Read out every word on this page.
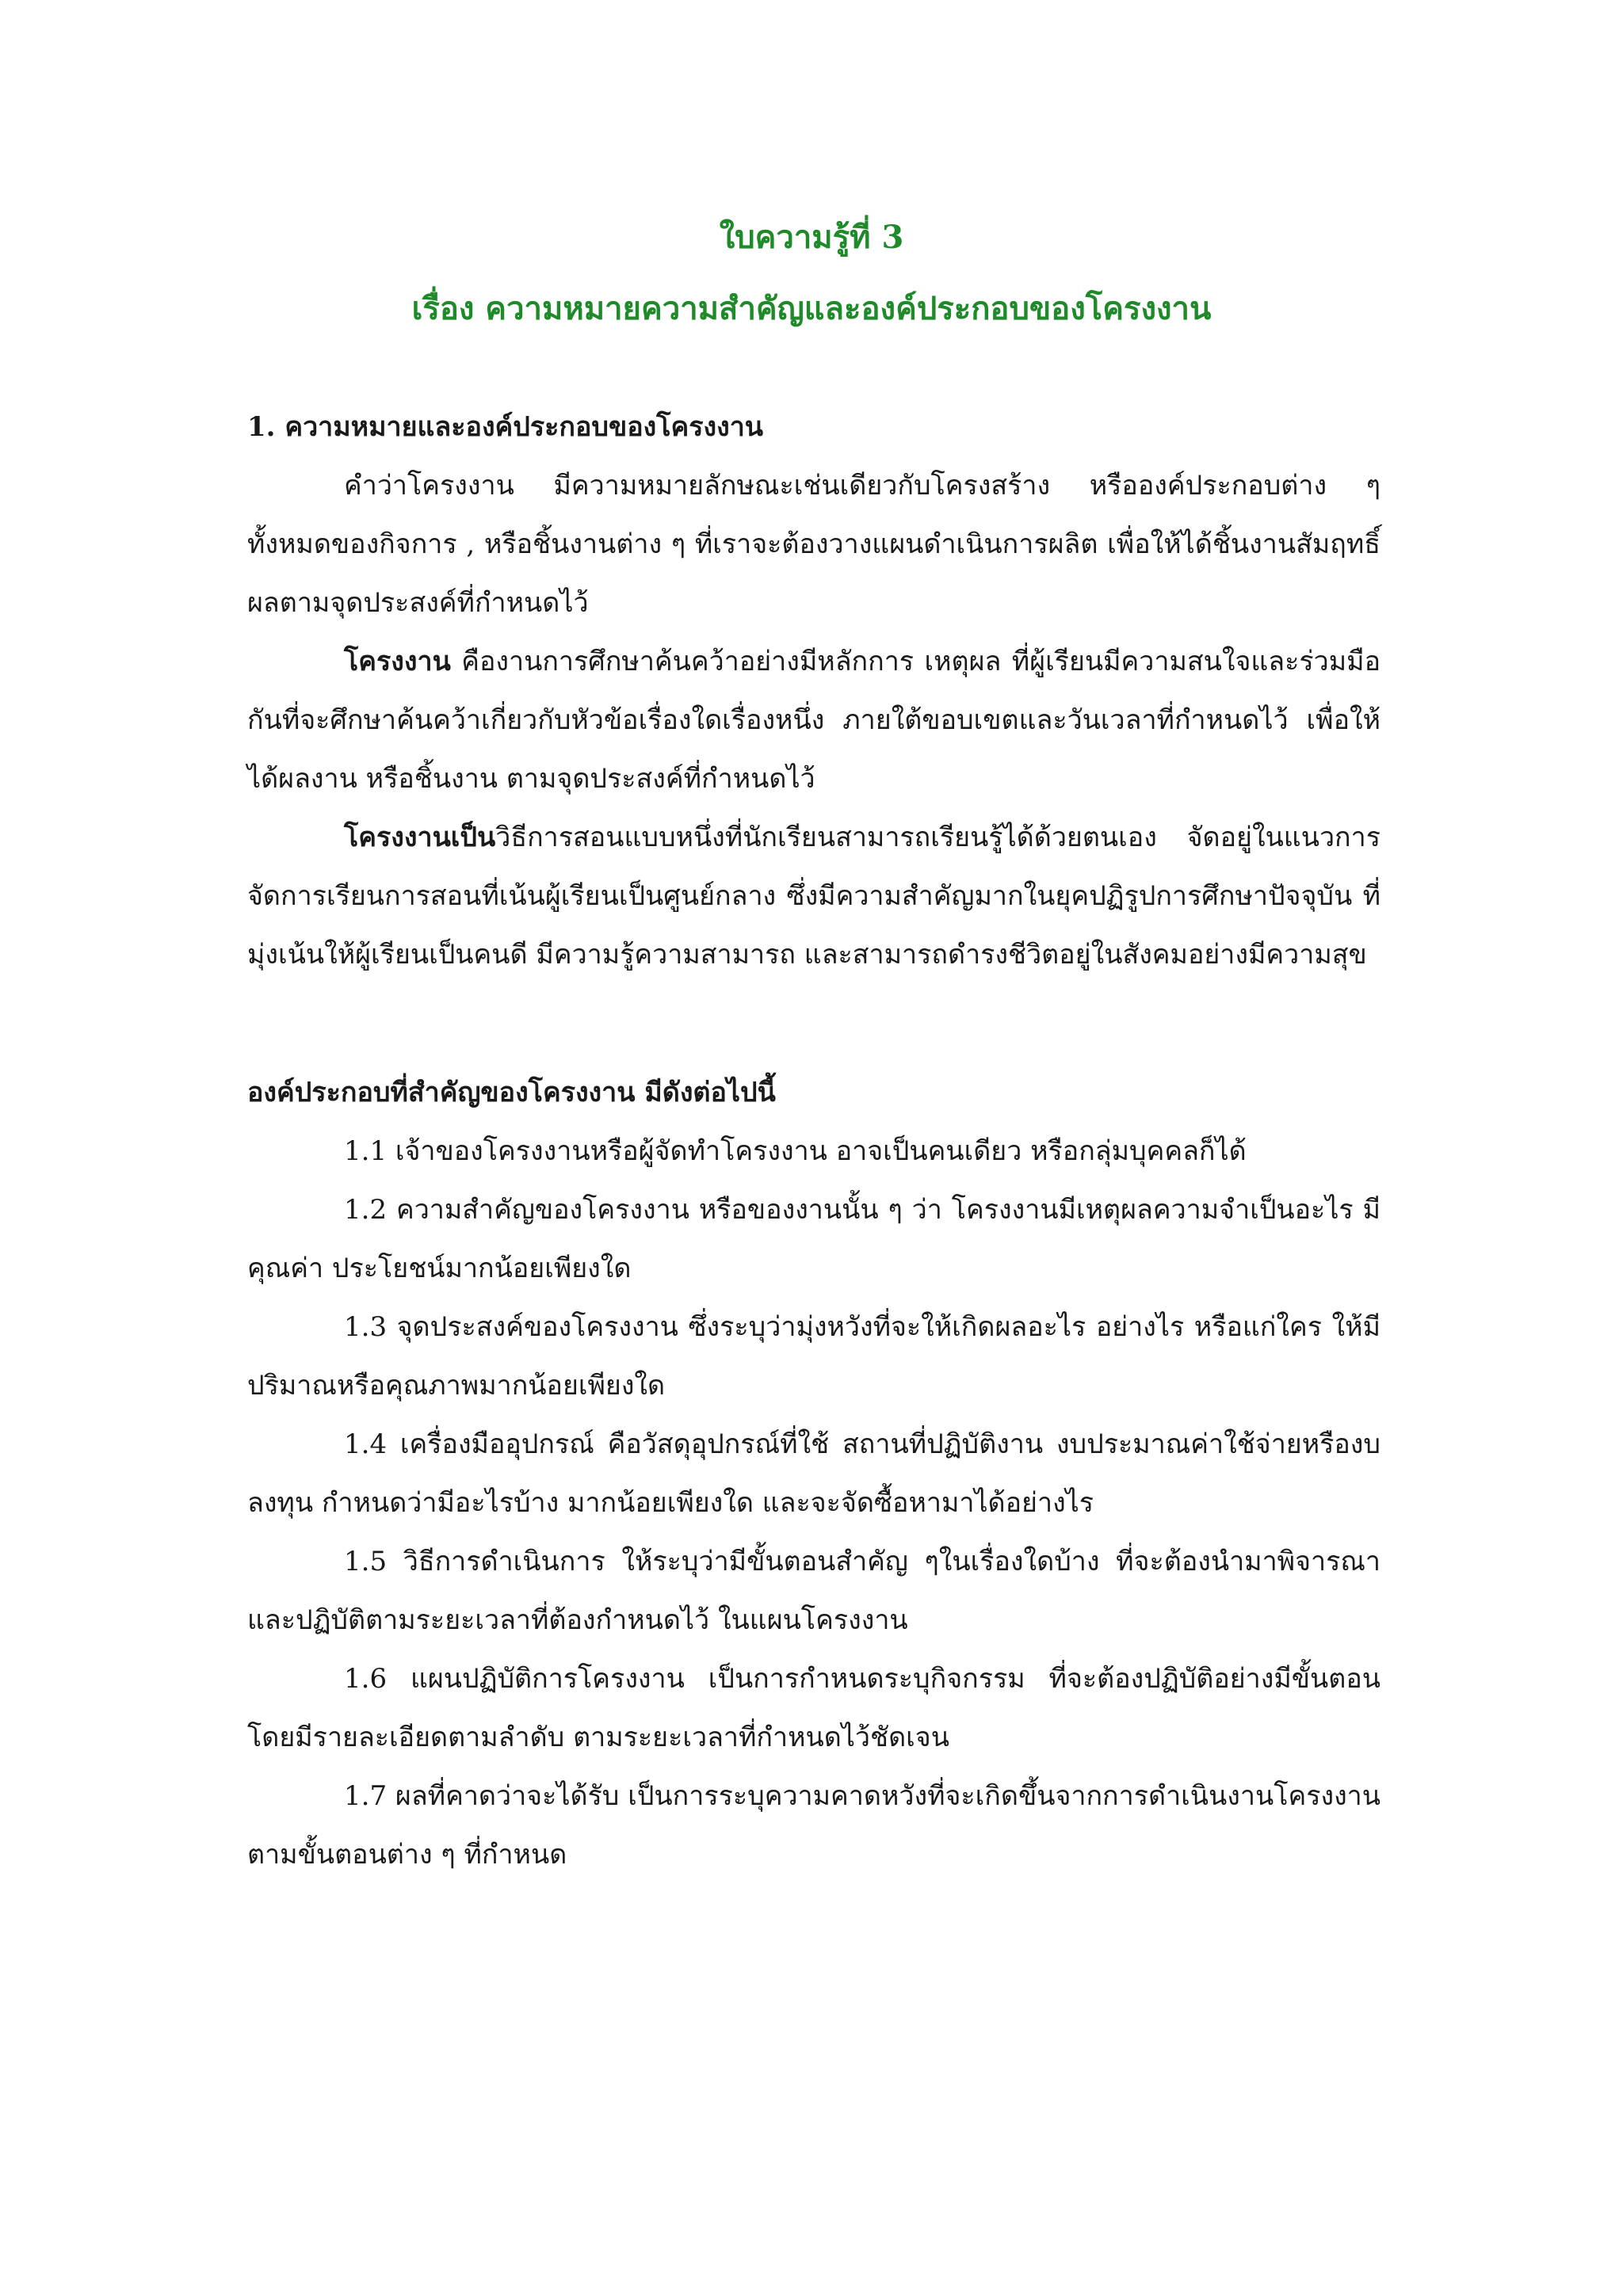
ใบความรู้ที่ 3
เรื่อง ความหมายความสำคัญและองค์ประกอบของโครงงาน
1. ความหมายและองค์ประกอบของโครงงาน

คำว่าโครงงาน มีความหมายลักษณะเช่นเดียวกับโครงสร้าง หรือองค์ประกอบต่าง ๆ ทั้งหมดของกิจการ , หรือชิ้นงานต่าง ๆ ที่เราจะต้องวางแผนดำเนินการผลิต เพื่อให้ได้ชิ้นงานสัมฤทธิ์ผลตามจุดประสงค์ที่กำหนดไว้

โครงงาน คืองานการศึกษาค้นคว้าอย่างมีหลักการ เหตุผล ที่ผู้เรียนมีความสนใจและร่วมมือกันที่จะศึกษาค้นคว้าเกี่ยวกับหัวข้อเรื่องใดเรื่องหนึ่ง ภายใต้ขอบเขตและวันเวลาที่กำหนดไว้ เพื่อให้ได้ผลงาน หรือชิ้นงาน ตามจุดประสงค์ที่กำหนดไว้

โครงงานเป็นวิธีการสอนแบบหนึ่งที่นักเรียนสามารถเรียนรู้ได้ด้วยตนเอง จัดอยู่ในแนวการจัดการเรียนการสอนที่เน้นผู้เรียนเป็นศูนย์กลาง ซึ่งมีความสำคัญมากในยุคปฏิรูปการศึกษาปัจจุบัน ที่มุ่งเน้นให้ผู้เรียนเป็นคนดี มีความรู้ความสามารถ และสามารถดำรงชีวิตอยู่ในสังคมอย่างมีความสุข

องค์ประกอบที่สำคัญของโครงงาน มีดังต่อไปนี้

1.1 เจ้าของโครงงานหรือผู้จัดทำโครงงาน อาจเป็นคนเดียว หรือกลุ่มบุคคลก็ได้

1.2 ความสำคัญของโครงงาน หรือของงานนั้น ๆ ว่า โครงงานมีเหตุผลความจำเป็นอะไร มีคุณค่า ประโยชน์มากน้อยเพียงใด

1.3 จุดประสงค์ของโครงงาน ซึ่งระบุว่ามุ่งหวังที่จะให้เกิดผลอะไร อย่างไร หรือแก่ใคร ให้มีปริมาณหรือคุณภาพมากน้อยเพียงใด

1.4 เครื่องมืออุปกรณ์ คือวัสดุอุปกรณ์ที่ใช้ สถานที่ปฏิบัติงาน งบประมาณค่าใช้จ่ายหรืองบลงทุน กำหนดว่ามีอะไรบ้าง มากน้อยเพียงใด และจะจัดซื้อหามาได้อย่างไร

1.5 วิธีการดำเนินการ ให้ระบุว่ามีขั้นตอนสำคัญ ๆในเรื่องใดบ้าง ที่จะต้องนำมาพิจารณาและปฏิบัติตามระยะเวลาที่ต้องกำหนดไว้ ในแผนโครงงาน

1.6 แผนปฏิบัติการโครงงาน เป็นการกำหนดระบุกิจกรรม ที่จะต้องปฏิบัติอย่างมีขั้นตอนโดยมีรายละเอียดตามลำดับ ตามระยะเวลาที่กำหนดไว้ชัดเจน

1.7 ผลที่คาดว่าจะได้รับ เป็นการระบุความคาดหวังที่จะเกิดขึ้นจากการดำเนินงานโครงงาน ตามขั้นตอนต่าง ๆ ที่กำหนด
